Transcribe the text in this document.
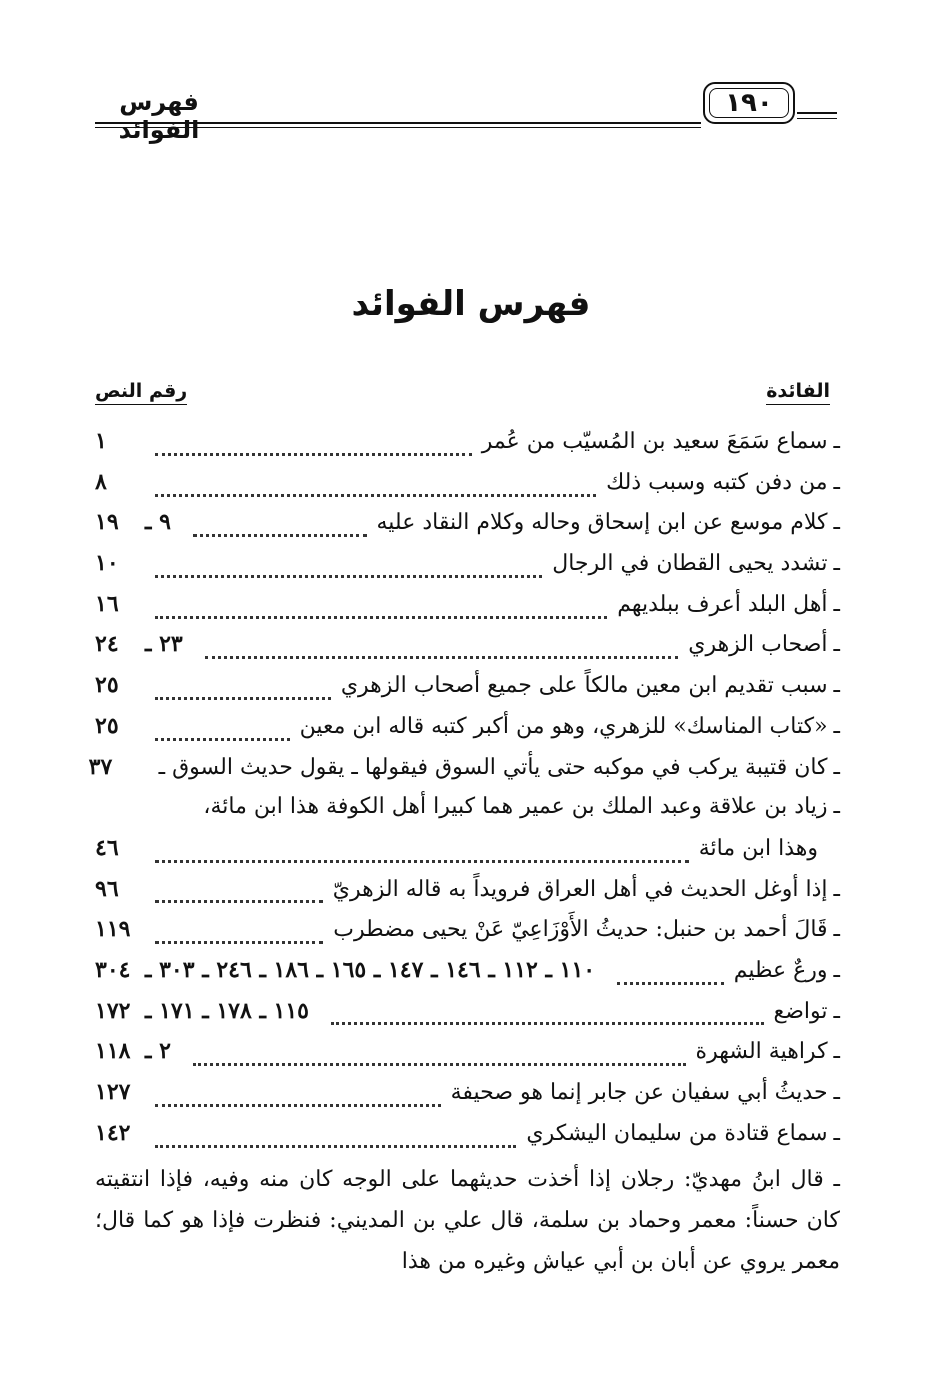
فهرس الفوائد
١٩٠
فهرس الفوائد
الفائدة
رقم النص
ـ
سماع سَمَعَ سعيد بن المُسيّب من عُمر
١
ـ
من دفن كتبه وسبب ذلك
٨
ـ
كلام موسع عن ابن إسحاق وحاله وكلام النقاد عليه
٩ ـ
١٩
ـ
تشدد يحيى القطان في الرجال
١٠
ـ
أهل البلد أعرف ببلديهم
١٦
ـ
أصحاب الزهري
٢٣ ـ
٢٤
ـ
سبب تقديم ابن معين مالكاً على جميع أصحاب الزهري
٢٥
ـ
«كتاب المناسك» للزهري، وهو من أكبر كتبه قاله ابن معين
٢٥
ـ
كان قتيبة يركب في موكبه حتى يأتي السوق فيقولها ـ يقول حديث السوق ـ
٣٧
ـ
زياد بن علاقة وعبد الملك بن عمير هما كبيرا أهل الكوفة هذا ابن مائة،
وهذا ابن مائة
٤٦
ـ
إذا أوغل الحديث في أهل العراق فرويداً به قاله الزهريّ
٩٦
ـ
قَالَ أحمد بن حنبل: حديثُ الأَوْزَاعِيّ عَنْ يحيى مضطرب
١١٩
ـ
ورعٌ عظيم
١١٠ ـ ١١٢ ـ ١٤٦ ـ ١٤٧ ـ ١٦٥ ـ ١٨٦ ـ ٢٤٦ ـ ٣٠٣ ـ
٣٠٤
ـ
تواضع
١١٥ ـ ١٧٨ ـ ١٧١ ـ
١٧٢
ـ
كراهية الشهرة
٢ ـ
١١٨
ـ
حديثُ أبي سفيان عن جابر إنما هو صحيفة
١٢٧
ـ
سماع قتادة من سليمان اليشكري
١٤٢

ـ قال ابنُ مهديّ: رجلان إذا أخذت حديثهما على الوجه كان منه وفيه، فإذا انتقيته كان حسناً: معمر وحماد بن سلمة، قال علي بن المديني: فنظرت فإذا هو كما قال؛ معمر يروي عن أبان بن أبي عياش وغيره من هذا
